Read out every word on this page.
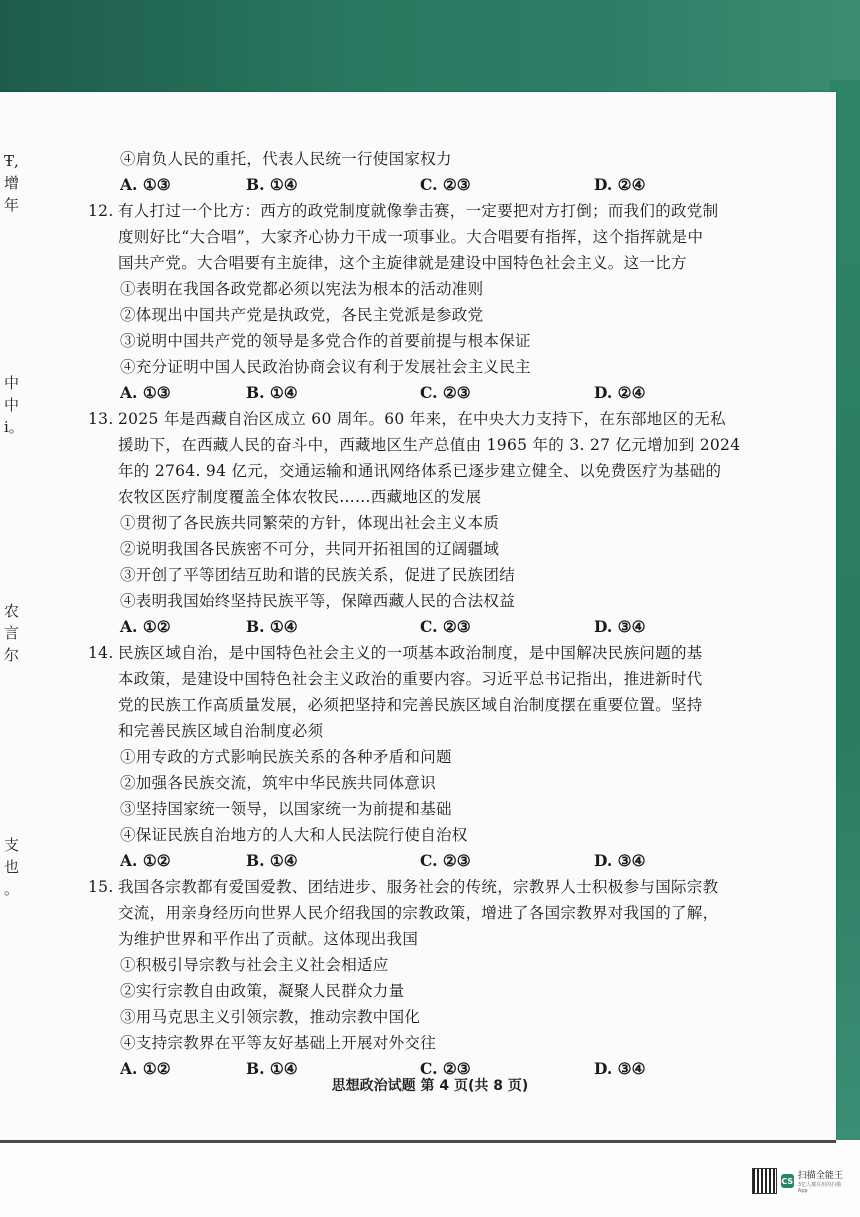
Ŧ,
增
年
中
中
i。
农
言
尔
支
也
。
④肩负人民的重托，代表人民统一行使国家权力
A. ①③	B. ①④	C. ②③	D. ②④
12. 有人打过一个比方：西方的政党制度就像拳击赛，一定要把对方打倒；而我们的政党制
度则好比“大合唱”，大家齐心协力干成一项事业。大合唱要有指挥，这个指挥就是中
国共产党。大合唱要有主旋律，这个主旋律就是建设中国特色社会主义。这一比方
①表明在我国各政党都必须以宪法为根本的活动准则
②体现出中国共产党是执政党，各民主党派是参政党
③说明中国共产党的领导是多党合作的首要前提与根本保证
④充分证明中国人民政治协商会议有利于发展社会主义民主
A. ①③	B. ①④	C. ②③	D. ②④
13. 2025 年是西藏自治区成立 60 周年。60 年来，在中央大力支持下，在东部地区的无私
援助下，在西藏人民的奋斗中，西藏地区生产总值由 1965 年的 3. 27 亿元增加到 2024
年的 2764. 94 亿元，交通运输和通讯网络体系已逐步建立健全、以免费医疗为基础的
农牧区医疗制度覆盖全体农牧民……西藏地区的发展
①贯彻了各民族共同繁荣的方针，体现出社会主义本质
②说明我国各民族密不可分，共同开拓祖国的辽阔疆域
③开创了平等团结互助和谐的民族关系，促进了民族团结
④表明我国始终坚持民族平等，保障西藏人民的合法权益
A. ①②	B. ①④	C. ②③	D. ③④
14. 民族区域自治，是中国特色社会主义的一项基本政治制度，是中国解决民族问题的基
本政策，是建设中国特色社会主义政治的重要内容。习近平总书记指出，推进新时代
党的民族工作高质量发展，必须把坚持和完善民族区域自治制度摆在重要位置。坚持
和完善民族区域自治制度必须
①用专政的方式影响民族关系的各种矛盾和问题
②加强各民族交流，筑牢中华民族共同体意识
③坚持国家统一领导，以国家统一为前提和基础
④保证民族自治地方的人大和人民法院行使自治权
A. ①②	B. ①④	C. ②③	D. ③④
15. 我国各宗教都有爱国爱教、团结进步、服务社会的传统，宗教界人士积极参与国际宗教
交流，用亲身经历向世界人民介绍我国的宗教政策，增进了各国宗教界对我国的了解，
为维护世界和平作出了贡献。这体现出我国
①积极引导宗教与社会主义社会相适应
②实行宗教自由政策，凝聚人民群众力量
③用马克思主义引领宗教，推动宗教中国化
④支持宗教界在平等友好基础上开展对外交往
A. ①②	B. ①④	C. ②③	D. ③④
思想政治试题 第 4 页(共 8 页)
CS 扫描全能王
3亿人都在用的扫描App
